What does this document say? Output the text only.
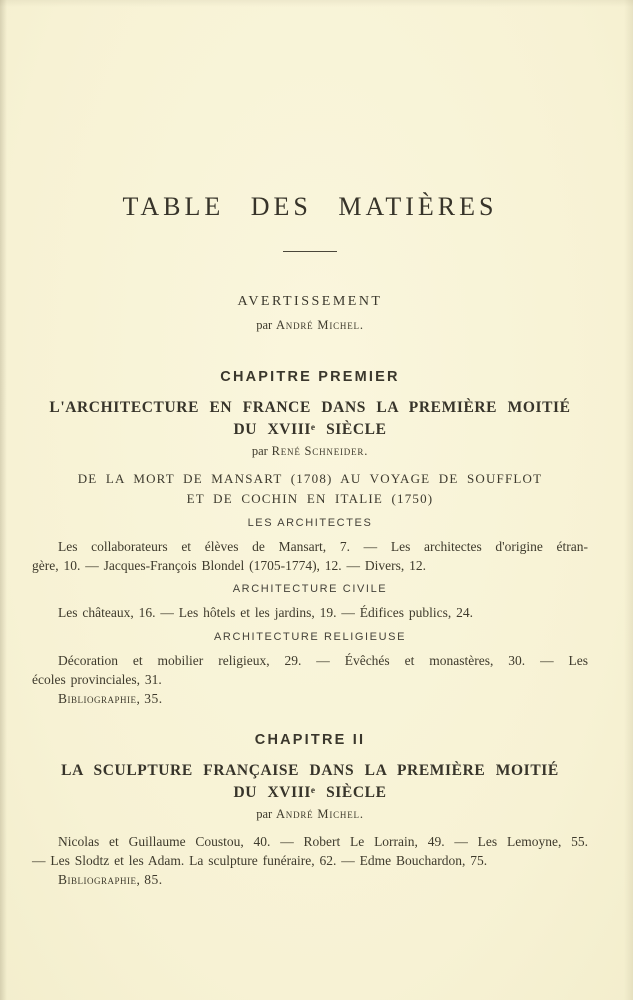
TABLE DES MATIÈRES
AVERTISSEMENT
par André Michel.
CHAPITRE PREMIER
L'ARCHITECTURE EN FRANCE DANS LA PREMIÈRE MOITIÉ
DU XVIIIᵉ SIÈCLE
par René Schneider.
DE LA MORT DE MANSART (1708) AU VOYAGE DE SOUFFLOT
ET DE COCHIN EN ITALIE (1750)
LES ARCHITECTES
Les collaborateurs et élèves de Mansart, 7. — Les architectes d'origine étran-
gère, 10. — Jacques-François Blondel (1705-1774), 12. — Divers, 12.
ARCHITECTURE CIVILE
Les châteaux, 16. — Les hôtels et les jardins, 19. — Édifices publics, 24.
ARCHITECTURE RELIGIEUSE
Décoration et mobilier religieux, 29. — Évêchés et monastères, 30. — Les
écoles provinciales, 31.
Bibliographie, 35.
CHAPITRE II
LA SCULPTURE FRANÇAISE DANS LA PREMIÈRE MOITIÉ
DU XVIIIᵉ SIÈCLE
par André Michel.
Nicolas et Guillaume Coustou, 40. — Robert Le Lorrain, 49. — Les Lemoyne, 55.
— Les Slodtz et les Adam. La sculpture funéraire, 62. — Edme Bouchardon, 75.
Bibliographie, 85.
